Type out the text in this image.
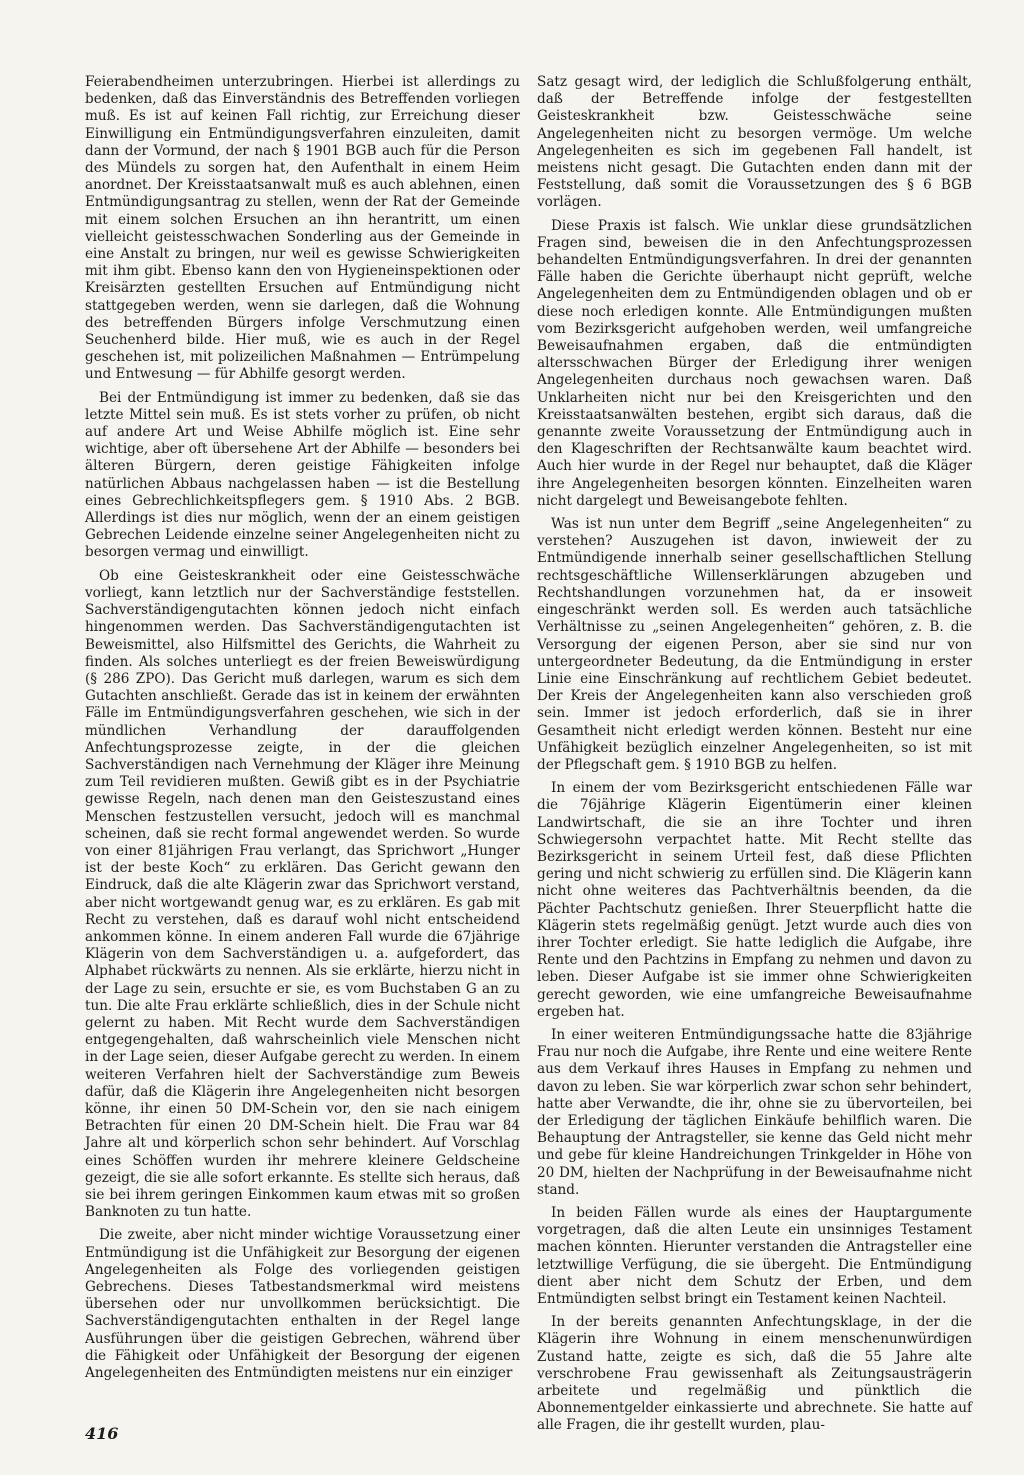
Feierabendheimen unterzubringen. Hierbei ist allerdings zu bedenken, daß das Einverständnis des Betreffenden vorliegen muß. Es ist auf keinen Fall richtig, zur Erreichung dieser Einwilligung ein Entmündigungsverfahren einzuleiten, damit dann der Vormund, der nach § 1901 BGB auch für die Person des Mündels zu sorgen hat, den Aufenthalt in einem Heim anordnet. Der Kreisstaatsanwalt muß es auch ablehnen, einen Entmündigungsantrag zu stellen, wenn der Rat der Gemeinde mit einem solchen Ersuchen an ihn herantritt, um einen vielleicht geistesschwachen Sonderling aus der Gemeinde in eine Anstalt zu bringen, nur weil es gewisse Schwierigkeiten mit ihm gibt. Ebenso kann den von Hygieneinspektionen oder Kreisärzten gestellten Ersuchen auf Entmündigung nicht stattgegeben werden, wenn sie darlegen, daß die Wohnung des betreffenden Bürgers infolge Verschmutzung einen Seuchenherd bilde. Hier muß, wie es auch in der Regel geschehen ist, mit polizeilichen Maßnahmen — Entrümpelung und Entwesung — für Abhilfe gesorgt werden.

Bei der Entmündigung ist immer zu bedenken, daß sie das letzte Mittel sein muß. Es ist stets vorher zu prüfen, ob nicht auf andere Art und Weise Abhilfe möglich ist. Eine sehr wichtige, aber oft übersehene Art der Abhilfe — besonders bei älteren Bürgern, deren geistige Fähigkeiten infolge natürlichen Abbaus nachgelassen haben — ist die Bestellung eines Gebrechlichkeitspflegers gem. § 1910 Abs. 2 BGB. Allerdings ist dies nur möglich, wenn der an einem geistigen Gebrechen Leidende einzelne seiner Angelegenheiten nicht zu besorgen vermag und einwilligt.

Ob eine Geisteskrankheit oder eine Geistesschwäche vorliegt, kann letztlich nur der Sachverständige feststellen. Sachverständigengutachten können jedoch nicht einfach hingenommen werden. Das Sachverständigengutachten ist Beweismittel, also Hilfsmittel des Gerichts, die Wahrheit zu finden. Als solches unterliegt es der freien Beweiswürdigung (§ 286 ZPO). Das Gericht muß darlegen, warum es sich dem Gutachten anschließt. Gerade das ist in keinem der erwähnten Fälle im Entmündigungsverfahren geschehen, wie sich in der mündlichen Verhandlung der darauffolgenden Anfechtungsprozesse zeigte, in der die gleichen Sachverständigen nach Vernehmung der Kläger ihre Meinung zum Teil revidieren mußten. Gewiß gibt es in der Psychiatrie gewisse Regeln, nach denen man den Geisteszustand eines Menschen festzustellen versucht, jedoch will es manchmal scheinen, daß sie recht formal angewendet werden. So wurde von einer 81jährigen Frau verlangt, das Sprichwort „Hunger ist der beste Koch“ zu erklären. Das Gericht gewann den Eindruck, daß die alte Klägerin zwar das Sprichwort verstand, aber nicht wortgewandt genug war, es zu erklären. Es gab mit Recht zu verstehen, daß es darauf wohl nicht entscheidend ankommen könne. In einem anderen Fall wurde die 67jährige Klägerin von dem Sachverständigen u. a. aufgefordert, das Alphabet rückwärts zu nennen. Als sie erklärte, hierzu nicht in der Lage zu sein, ersuchte er sie, es vom Buchstaben G an zu tun. Die alte Frau erklärte schließlich, dies in der Schule nicht gelernt zu haben. Mit Recht wurde dem Sachverständigen entgegengehalten, daß wahrscheinlich viele Menschen nicht in der Lage seien, dieser Aufgabe gerecht zu werden. In einem weiteren Verfahren hielt der Sachverständige zum Beweis dafür, daß die Klägerin ihre Angelegenheiten nicht besorgen könne, ihr einen 50 DM-Schein vor, den sie nach einigem Betrachten für einen 20 DM-Schein hielt. Die Frau war 84 Jahre alt und körperlich schon sehr behindert. Auf Vorschlag eines Schöffen wurden ihr mehrere kleinere Geldscheine gezeigt, die sie alle sofort erkannte. Es stellte sich heraus, daß sie bei ihrem geringen Einkommen kaum etwas mit so großen Banknoten zu tun hatte.

Die zweite, aber nicht minder wichtige Voraussetzung einer Entmündigung ist die Unfähigkeit zur Besorgung der eigenen Angelegenheiten als Folge des vorliegenden geistigen Gebrechens. Dieses Tatbestandsmerkmal wird meistens übersehen oder nur unvollkommen berücksichtigt. Die Sachverständigengutachten enthalten in der Regel lange Ausführungen über die geistigen Gebrechen, während über die Fähigkeit oder Unfähigkeit der Besorgung der eigenen Angelegenheiten des Entmündigten meistens nur ein einziger

Satz gesagt wird, der lediglich die Schlußfolgerung enthält, daß der Betreffende infolge der festgestellten Geisteskrankheit bzw. Geistesschwäche seine Angelegenheiten nicht zu besorgen vermöge. Um welche Angelegenheiten es sich im gegebenen Fall handelt, ist meistens nicht gesagt. Die Gutachten enden dann mit der Feststellung, daß somit die Voraussetzungen des § 6 BGB vorlägen.

Diese Praxis ist falsch. Wie unklar diese grundsätzlichen Fragen sind, beweisen die in den Anfechtungsprozessen behandelten Entmündigungsverfahren. In drei der genannten Fälle haben die Gerichte überhaupt nicht geprüft, welche Angelegenheiten dem zu Entmündigenden oblagen und ob er diese noch erledigen konnte. Alle Entmündigungen mußten vom Bezirksgericht aufgehoben werden, weil umfangreiche Beweisaufnahmen ergaben, daß die entmündigten altersschwachen Bürger der Erledigung ihrer wenigen Angelegenheiten durchaus noch gewachsen waren. Daß Unklarheiten nicht nur bei den Kreisgerichten und den Kreisstaatsanwälten bestehen, ergibt sich daraus, daß die genannte zweite Voraussetzung der Entmündigung auch in den Klageschriften der Rechtsanwälte kaum beachtet wird. Auch hier wurde in der Regel nur behauptet, daß die Kläger ihre Angelegenheiten besorgen könnten. Einzelheiten waren nicht dargelegt und Beweisangebote fehlten.

Was ist nun unter dem Begriff „seine Angelegenheiten“ zu verstehen? Auszugehen ist davon, inwieweit der zu Entmündigende innerhalb seiner gesellschaftlichen Stellung rechtsgeschäftliche Willenserklärungen abzugeben und Rechtshandlungen vorzunehmen hat, da er insoweit eingeschränkt werden soll. Es werden auch tatsächliche Verhältnisse zu „seinen Angelegenheiten“ gehören, z. B. die Versorgung der eigenen Person, aber sie sind nur von untergeordneter Bedeutung, da die Entmündigung in erster Linie eine Einschränkung auf rechtlichem Gebiet bedeutet. Der Kreis der Angelegenheiten kann also verschieden groß sein. Immer ist jedoch erforderlich, daß sie in ihrer Gesamtheit nicht erledigt werden können. Besteht nur eine Unfähigkeit bezüglich einzelner Angelegenheiten, so ist mit der Pflegschaft gem. § 1910 BGB zu helfen.

In einem der vom Bezirksgericht entschiedenen Fälle war die 76jährige Klägerin Eigentümerin einer kleinen Landwirtschaft, die sie an ihre Tochter und ihren Schwiegersohn verpachtet hatte. Mit Recht stellte das Bezirksgericht in seinem Urteil fest, daß diese Pflichten gering und nicht schwierig zu erfüllen sind. Die Klägerin kann nicht ohne weiteres das Pachtverhältnis beenden, da die Pächter Pachtschutz genießen. Ihrer Steuerpflicht hatte die Klägerin stets regelmäßig genügt. Jetzt wurde auch dies von ihrer Tochter erledigt. Sie hatte lediglich die Aufgabe, ihre Rente und den Pachtzins in Empfang zu nehmen und davon zu leben. Dieser Aufgabe ist sie immer ohne Schwierigkeiten gerecht geworden, wie eine umfangreiche Beweisaufnahme ergeben hat.

In einer weiteren Entmündigungssache hatte die 83jährige Frau nur noch die Aufgabe, ihre Rente und eine weitere Rente aus dem Verkauf ihres Hauses in Empfang zu nehmen und davon zu leben. Sie war körperlich zwar schon sehr behindert, hatte aber Verwandte, die ihr, ohne sie zu übervorteilen, bei der Erledigung der täglichen Einkäufe behilflich waren. Die Behauptung der Antragsteller, sie kenne das Geld nicht mehr und gebe für kleine Handreichungen Trinkgelder in Höhe von 20 DM, hielten der Nachprüfung in der Beweisaufnahme nicht stand.

In beiden Fällen wurde als eines der Hauptargumente vorgetragen, daß die alten Leute ein unsinniges Testament machen könnten. Hierunter verstanden die Antragsteller eine letztwillige Verfügung, die sie übergeht. Die Entmündigung dient aber nicht dem Schutz der Erben, und dem Entmündigten selbst bringt ein Testament keinen Nachteil.

In der bereits genannten Anfechtungsklage, in der die Klägerin ihre Wohnung in einem menschenunwürdigen Zustand hatte, zeigte es sich, daß die 55 Jahre alte verschrobene Frau gewissenhaft als Zeitungsausträgerin arbeitete und regelmäßig und pünktlich die Abonnementgelder einkassierte und abrechnete. Sie hatte auf alle Fragen, die ihr gestellt wurden, plau-

416
